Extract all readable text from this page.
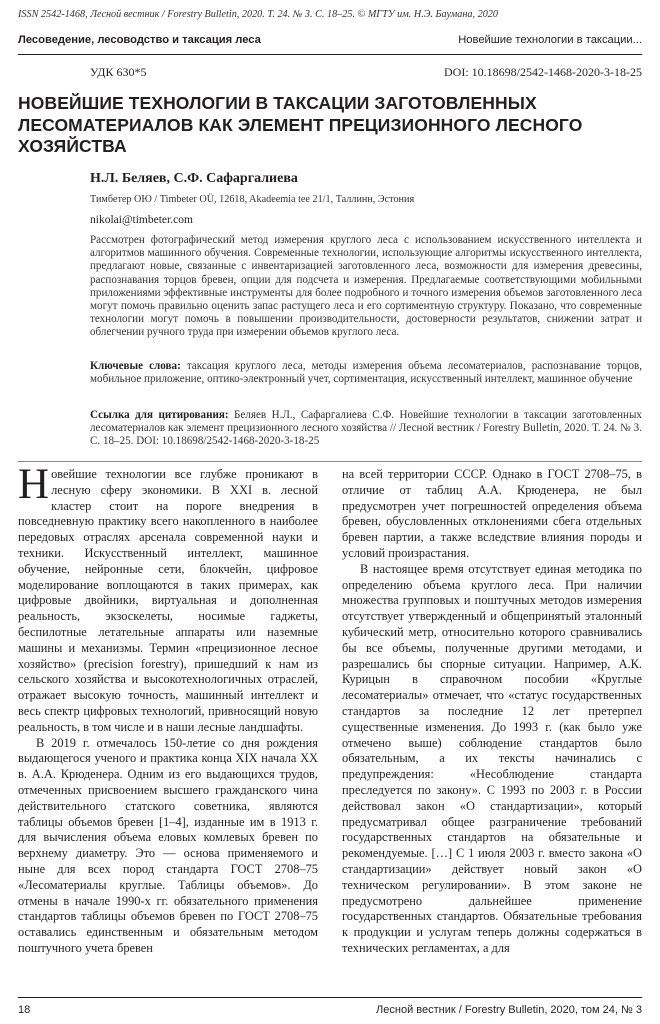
ISSN 2542-1468, Лесной вестник / Forestry Bulletin, 2020. Т. 24. № 3. С. 18–25. © МГТУ им. Н.Э. Баумана, 2020
Лесоведение, лесоводство и таксация леса	Новейшие технологии в таксации...
УДК 630*5	DOI: 10.18698/2542-1468-2020-3-18-25
НОВЕЙШИЕ ТЕХНОЛОГИИ В ТАКСАЦИИ ЗАГОТОВЛЕННЫХ ЛЕСОМАТЕРИАЛОВ КАК ЭЛЕМЕНТ ПРЕЦИЗИОННОГО ЛЕСНОГО ХОЗЯЙСТВА
Н.Л. Беляев, С.Ф. Сафаргалиева
Тимбетер ОЮ / Timbeter OÜ, 12618, Akadeemia tee 21/1, Таллинн, Эстония
nikolai@timbeter.com

Рассмотрен фотографический метод измерения круглого леса с использованием искусственного интеллекта и алгоритмов машинного обучения. Современные технологии, использующие алгоритмы искусственного интеллекта, предлагают новые, связанные с инвентаризацией заготовленного леса, возможности для измерения древесины, распознавания торцов бревен, опции для подсчета и измерения. Предлагаемые соответствующими мобильными приложениями эффективные инструменты для более подробного и точного измерения объемов заготовленного леса могут помочь правильно оценить запас растущего леса и его сортиментную структуру. Показано, что современные технологии могут помочь в повышении производительности, достоверности результатов, снижении затрат и облегчении ручного труда при измерении объемов круглого леса.

Ключевые слова: таксация круглого леса, методы измерения объема лесоматериалов, распознавание торцов, мобильное приложение, оптико-электронный учет, сортиментация, искусственный интеллект, машинное обучение

Ссылка для цитирования: Беляев Н.Л., Сафаргалиева С.Ф. Новейшие технологии в таксации заготовленных лесоматериалов как элемент прецизионного лесного хозяйства // Лесной вестник / Forestry Bulletin, 2020. Т. 24. № 3. С. 18–25. DOI: 10.18698/2542-1468-2020-3-18-25

Новейшие технологии все глубже проникают в лесную сферу экономики. В XXI в. лесной кластер стоит на пороге внедрения в повседневную практику всего накопленного в наиболее передовых отраслях арсенала современной науки и техники. Искусственный интеллект, машинное обучение, нейронные сети, блокчейн, цифровое моделирование воплощаются в таких примерах, как цифровые двойники, виртуальная и дополненная реальность, экзоскелеты, носимые гаджеты, беспилотные летательные аппараты или наземные машины и механизмы. Термин «прецизионное лесное хозяйство» (precision forestry), пришедший к нам из сельского хозяйства и высокотехнологичных отраслей, отражает высокую точность, машинный интеллект и весь спектр цифровых технологий, привносящий новую реальность, в том числе и в наши лесные ландшафты.

В 2019 г. отмечалось 150-летие со дня рождения выдающегося ученого и практика конца XIX начала XX в. А.А. Крюденера. Одним из его выдающихся трудов, отмеченных присвоением высшего гражданского чина действительного статского советника, являются таблицы объемов бревен [1–4], изданные им в 1913 г. для вычисления объема еловых комлевых бревен по верхнему диаметру. Это — основа применяемого и ныне для всех пород стандарта ГОСТ 2708–75 «Лесоматериалы круглые. Таблицы объемов». До отмены в начале 1990-х гг. обязательного применения стандартов таблицы объемов бревен по ГОСТ 2708–75 оставались единственным и обязательным методом поштучного учета бревен

на всей территории СССР. Однако в ГОСТ 2708–75, в отличие от таблиц А.А. Крюденера, не был предусмотрен учет погрешностей определения объема бревен, обусловленных отклонениями сбега отдельных бревен партии, а также вследствие влияния породы и условий произрастания.

В настоящее время отсутствует единая методика по определению объема круглого леса. При наличии множества групповых и поштучных методов измерения отсутствует утвержденный и общепринятый эталонный кубический метр, относительно которого сравнивались бы все объемы, полученные другими методами, и разрешались бы спорные ситуации. Например, А.К. Курицын в справочном пособии «Круглые лесоматериалы» отмечает, что «статус государственных стандартов за последние 12 лет претерпел существенные изменения. До 1993 г. (как было уже отмечено выше) соблюдение стандартов было обязательным, а их тексты начинались с предупреждения: «Несоблюдение стандарта преследуется по закону». С 1993 по 2003 г. в России действовал закон «О стандартизации», который предусматривал общее разграничение требований государственных стандартов на обязательные и рекомендуемые. […] С 1 июля 2003 г. вместо закона «О стандартизации» действует новый закон «О техническом регулировании». В этом законе не предусмотрено дальнейшее применение государственных стандартов. Обязательные требования к продукции и услугам теперь должны содержаться в технических регламентах, а для

18	Лесной вестник / Forestry Bulletin, 2020, том 24, № 3
